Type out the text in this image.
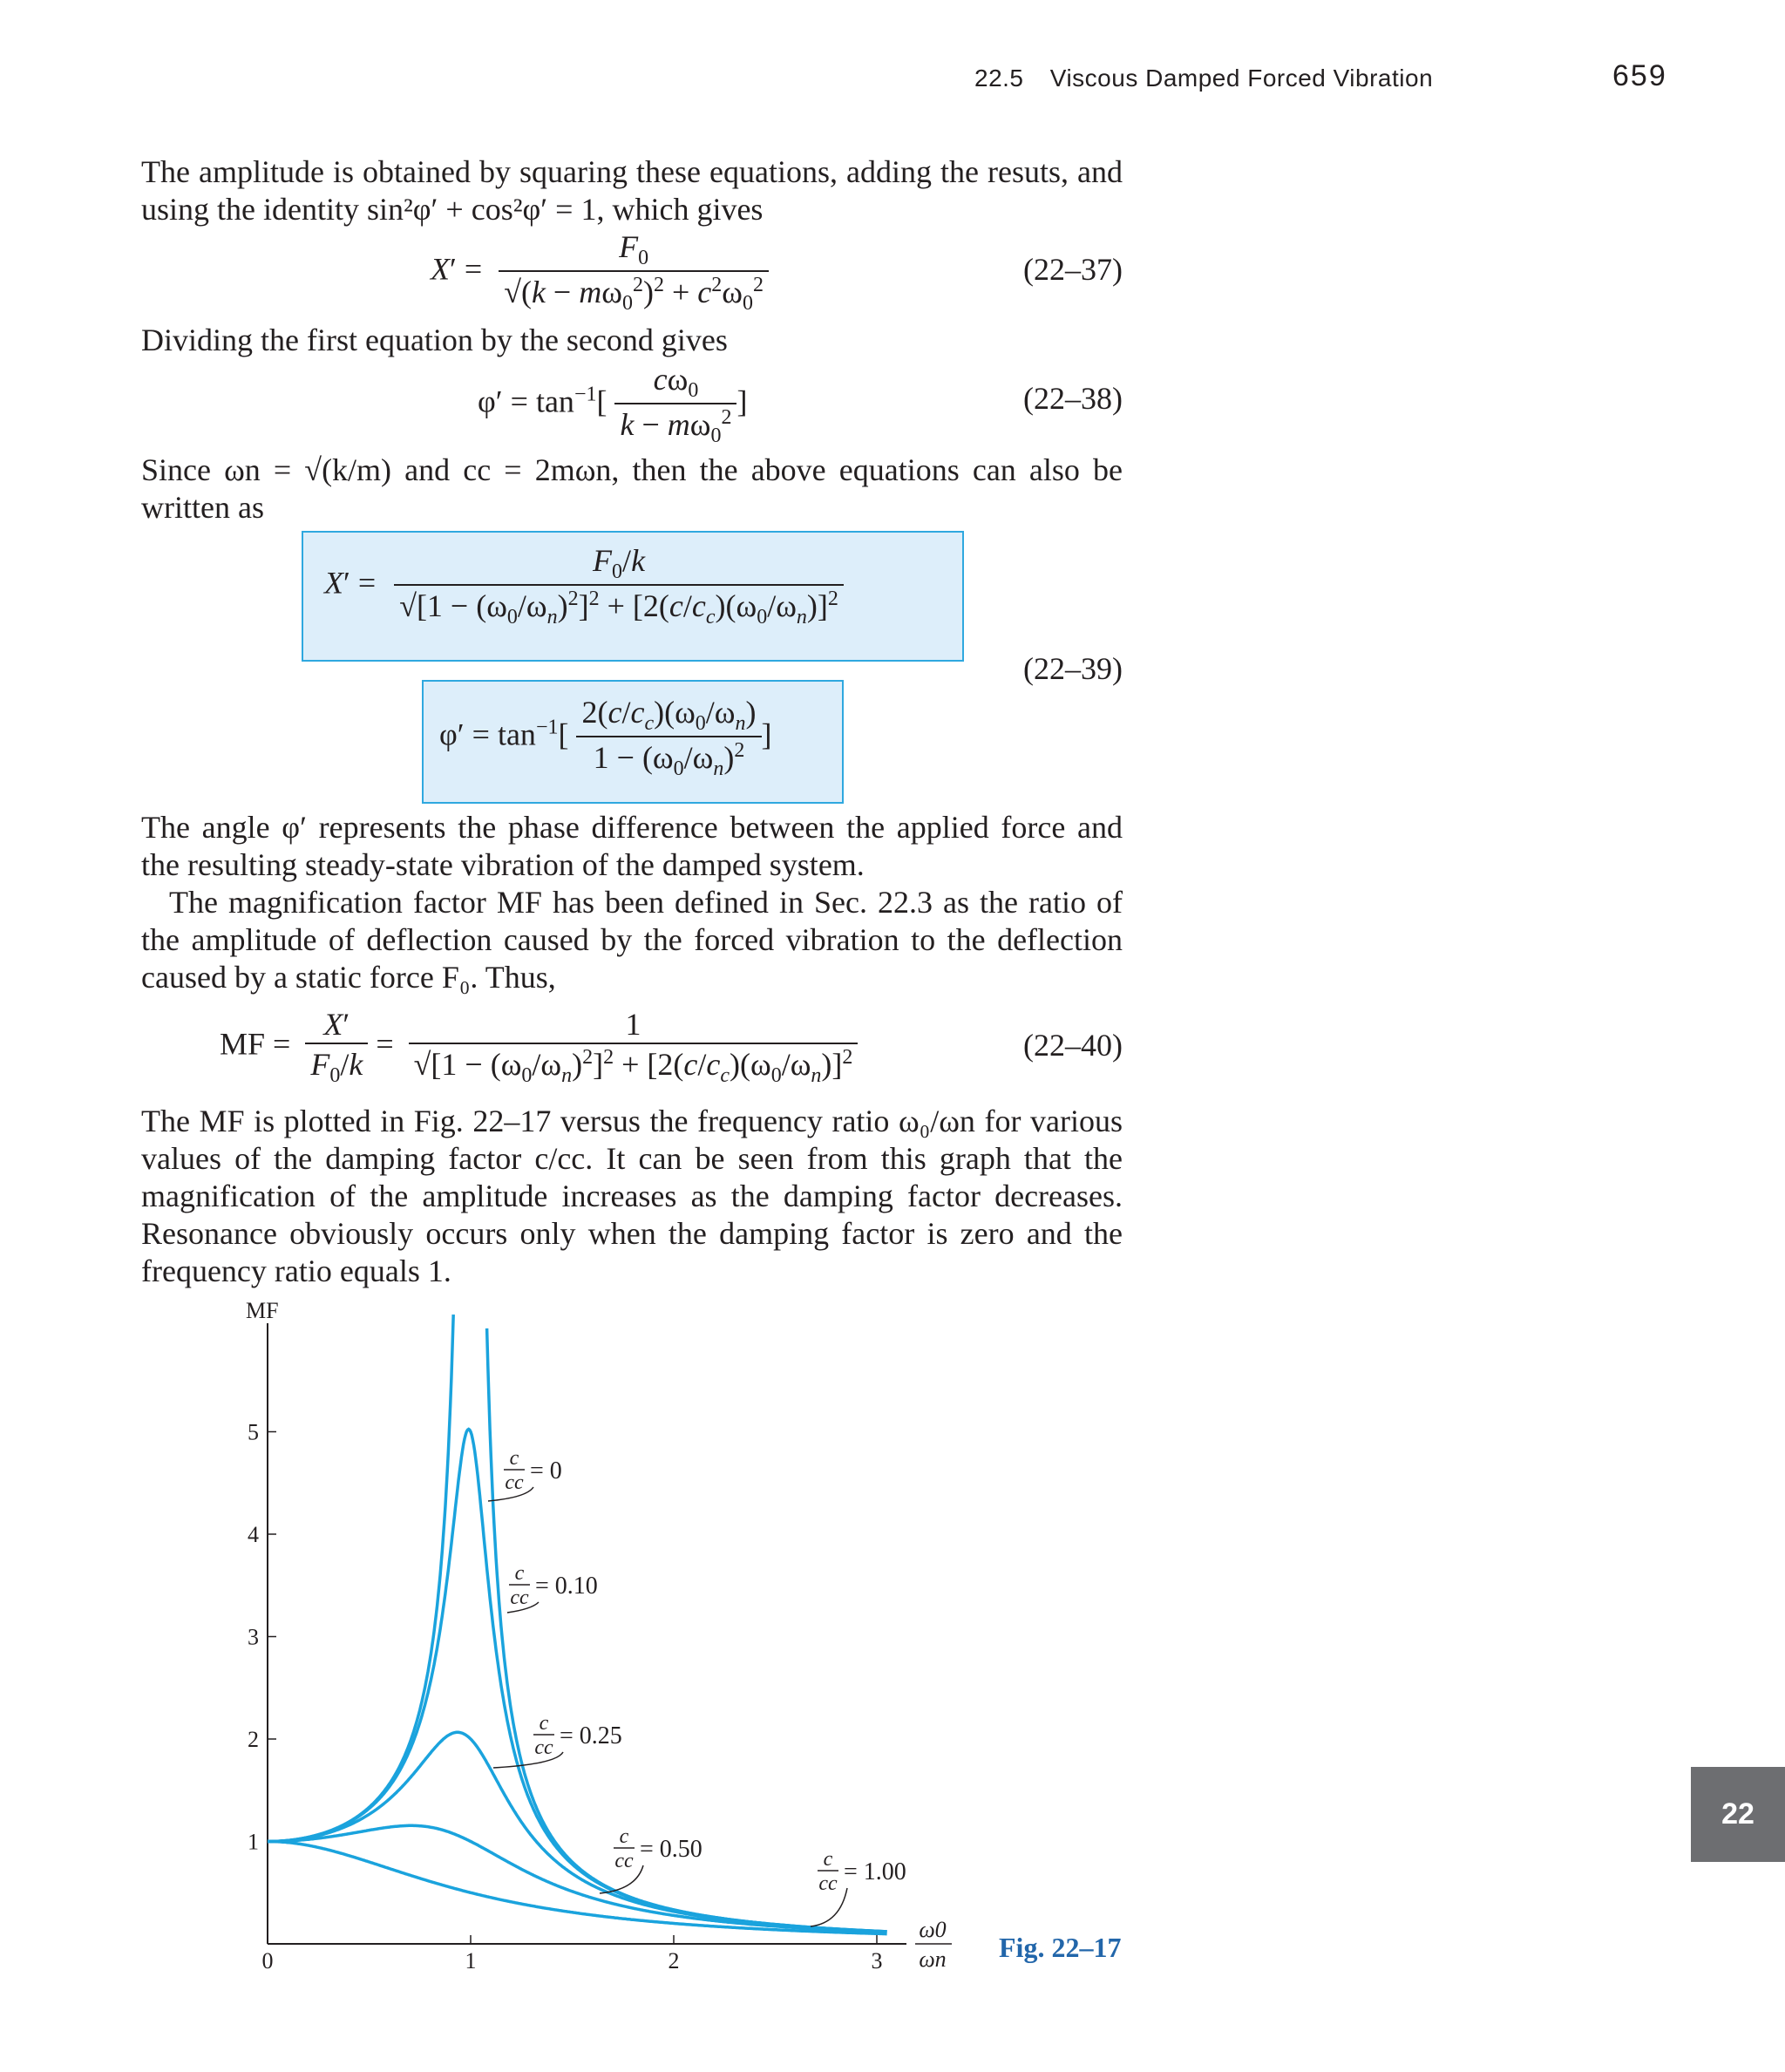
22.5 Viscous Damped Forced Vibration	659
The amplitude is obtained by squaring these equations, adding the resuts, and using the identity sin²φ′ + cos²φ′ = 1, which gives
$X' = \frac{F_0}{√(k - m\omega_0^2)^2 + c^2\omega_0^2}$	(22–37)
Dividing the first equation by the second gives
$\varphi' = \tan^{-1}[ \frac{c\omega_0}{k - m\omega_0^2}$ ]	(22–38)
Since ωn = √(k/m) and cc = 2mωn, then the above equations can also be
written as
$X' = \frac{F_0/k}{√[1 - (\omega_0/\omega_n)^2]^2 + [2(c/c_c)(\omega_0/\omega_n)]^2}$
(22–39)
$\varphi' = \tan^{-1}[ \frac{2(c/c_c)(\omega_0/\omega_n)}{1 - (\omega_0/\omega_n)^2}$ ]
The angle φ′ represents the phase difference between the applied force and the resulting steady-state vibration of the damped system.
The magnification factor MF has been defined in Sec. 22.3 as the ratio of the amplitude of deflection caused by the forced vibration to the deflection caused by a static force F₀. Thus,
MF = $\frac{X'}{F_0/k} = \frac{1}{√[1 - (\omega_0/\omega_n)^2]^2 + [2(c/c_c)(\omega_0/\omega_n)]^2}$	(22–40)
The MF is plotted in Fig. 22–17 versus the frequency ratio ω₀/ωn for various values of the damping factor c/cc. It can be seen from this graph that the magnification of the amplitude increases as the damping factor decreases. Resonance obviously occurs only when the damping factor is zero and the frequency ratio equals 1.
MF
ω0
ωn
1
2
3
4
5
0	1	2	3
c
cc = 0
c
cc = 0.10
c
cc = 0.25
c
cc = 0.50	c
cc = 1.00
22
Fig. 22–17
